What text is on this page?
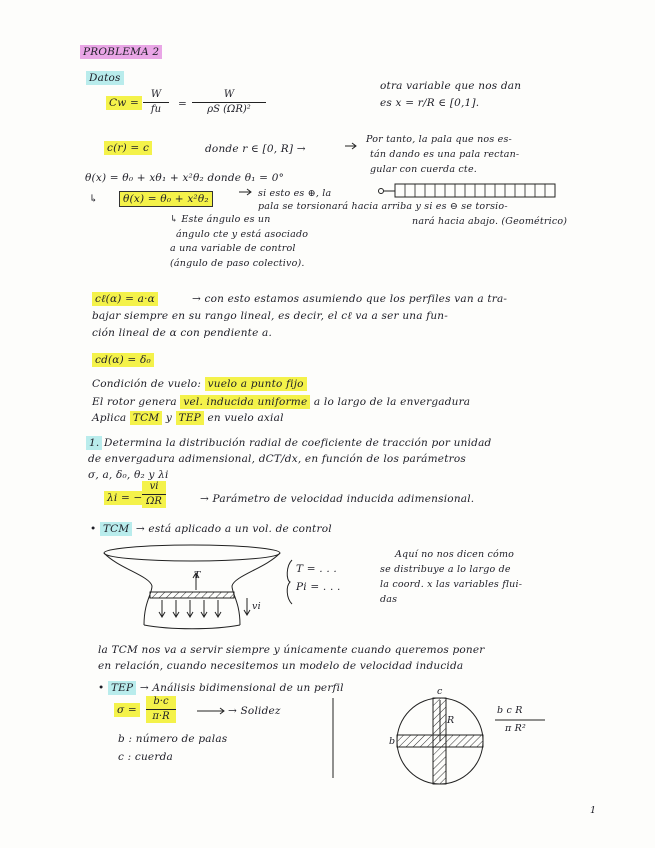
PROBLEMA 2
Datos
Cw =
W
fu	=
W
ρS (ΩR)²
otra variable que nos dan
es x = r/R ∈ [0,1].
c(r) = c	donde r ∈ [0, R] →
Por tanto, la pala que nos es-
tán dando es una pala rectan-
gular con cuerda cte.
θ(x) = θ₀ + xθ₁ + x²θ₂ donde θ₁ = 0°
↳	θ(x) = θ₀ + x²θ₂	si esto es ⊕, la
pala se torsionará hacia arriba y si es ⊖ se torsio-
nará hacia abajo. (Geométrico)
↳ Este ángulo es un
ángulo cte y está asociado
a una variable de control
(ángulo de paso colectivo).
cℓ(α) = a·α	→ con esto estamos asumiendo que los perfiles van a tra-
bajar siempre en su rango lineal, es decir, el cℓ va a ser una fun-
ción lineal de α con pendiente a.
cd(α) = δ₀
Condición de vuelo: vuelo a punto fijo
El rotor genera vel. inducida uniforme a lo largo de la envergadura
Aplica TCM y TEP en vuelo axial
1. Determina la distribución radial de coeficiente de tracción por unidad
de envergadura adimensional, dCT/dx, en función de los parámetros
σ, a, δ₀, θ₂ y λi
λi = −
vi
ΩR	→ Parámetro de velocidad inducida adimensional.
• TCM → está aplicado a un vol. de control
T
vi
T = . . .
Pi = . . .
Aquí no nos dicen cómo
se distribuye a lo largo de
la coord. x las variables flui-
das
la TCM nos va a servir siempre y únicamente cuando queremos poner
en relación, cuando necesitemos un modelo de velocidad inducida
• TEP → Análisis bidimensional de un perfil
σ =
b·c
π·R	→ Solidez
b : número de palas
c : cuerda
c
R
b
b c R
π R²
1
